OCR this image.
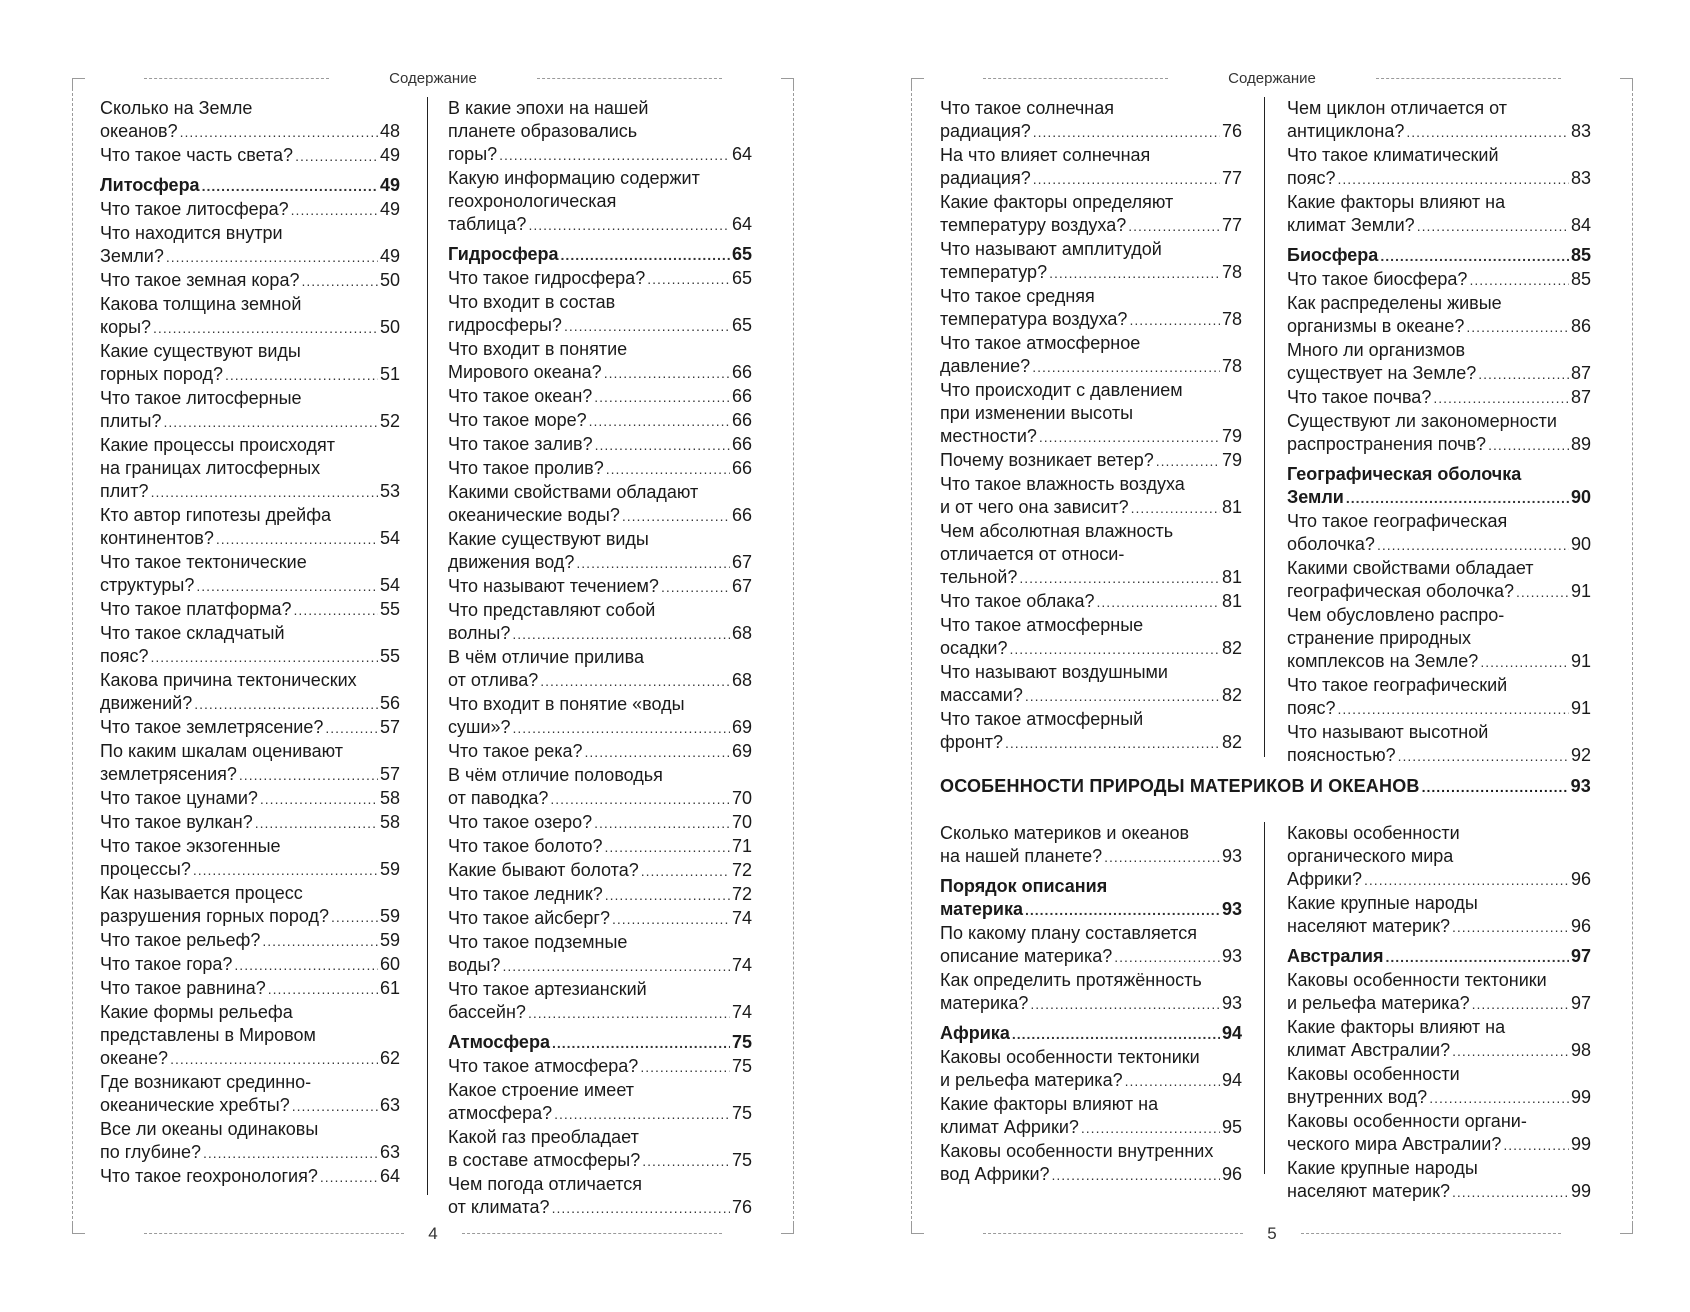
Содержание
4
Сколько на Земле
океанов? .....	48
Что такое часть света? .....	49
Литосфера .....	49
Что такое литосфера? .....	49
Что находится внутри
Земли? .....	49
Что такое земная кора? .....	50
Какова толщина земной
коры? .....	50
Какие существуют виды
горных пород? .....	51
Что такое литосферные
плиты? .....	52
Какие процессы происходят
на границах литосферных
плит? .....	53
Кто автор гипотезы дрейфа
континентов? .....	54
Что такое тектонические
структуры? .....	54
Что такое платформа? .....	55
Что такое складчатый
пояс? .....	55
Какова причина тектонических
движений? .....	56
Что такое землетрясение? .....	57
По каким шкалам оценивают
землетрясения? .....	57
Что такое цунами? .....	58
Что такое вулкан? .....	58
Что такое экзогенные
процессы? .....	59
Как называется процесс
разрушения горных пород? .....	59
Что такое рельеф? .....	59
Что такое гора? .....	60
Что такое равнина? .....	61
Какие формы рельефа
представлены в Мировом
океане? .....	62
Где возникают срединно-
океанические хребты? .....	63
Все ли океаны одинаковы
по глубине? .....	63
Что такое геохронология? .....	64
В какие эпохи на нашей
планете образовались
горы? .....	64
Какую информацию содержит
геохронологическая
таблица? .....	64
Гидросфера .....	65
Что такое гидросфера? .....	65
Что входит в состав
гидросферы? .....	65
Что входит в понятие
Мирового океана? .....	66
Что такое океан? .....	66
Что такое море? .....	66
Что такое залив? .....	66
Что такое пролив? .....	66
Какими свойствами обладают
океанические воды? .....	66
Какие существуют виды
движения вод? .....	67
Что называют течением? .....	67
Что представляют собой
волны? .....	68
В чём отличие прилива
от отлива? .....	68
Что входит в понятие «воды
суши»? .....	69
Что такое река? .....	69
В чём отличие половодья
от паводка? .....	70
Что такое озеро? .....	70
Что такое болото? .....	71
Какие бывают болота? .....	72
Что такое ледник? .....	72
Что такое айсберг? .....	74
Что такое подземные
воды? .....	74
Что такое артезианский
бассейн? .....	74
Атмосфера .....	75
Что такое атмосфера? .....	75
Какое строение имеет
атмосфера? .....	75
Какой газ преобладает
в составе атмосферы? .....	75
Чем погода отличается
от климата? .....	76
Содержание
5
Что такое солнечная
радиация? .....	76
На что влияет солнечная
радиация? .....	77
Какие факторы определяют
температуру воздуха? .....	77
Что называют амплитудой
температур? .....	78
Что такое средняя
температура воздуха? .....	78
Что такое атмосферное
давление? .....	78
Что происходит с давлением
при изменении высоты
местности? .....	79
Почему возникает ветер? .....	79
Что такое влажность воздуха
и от чего она зависит? .....	81
Чем абсолютная влажность
отличается от относи-
тельной? .....	81
Что такое облака? .....	81
Что такое атмосферные
осадки? .....	82
Что называют воздушными
массами? .....	82
Что такое атмосферный
фронт? .....	82
Чем циклон отличается от
антициклона? .....	83
Что такое климатический
пояс? .....	83
Какие факторы влияют на
климат Земли? .....	84
Биосфера .....	85
Что такое биосфера? .....	85
Как распределены живые
организмы в океане? .....	86
Много ли организмов
существует на Земле? .....	87
Что такое почва? .....	87
Существуют ли закономерности
распространения почв? .....	89
Географическая оболочка
Земли .....	90
Что такое географическая
оболочка? .....	90
Какими свойствами обладает
географическая оболочка? .....	91
Чем обусловлено распро-
странение природных
комплексов на Земле? .....	91
Что такое географический
пояс? .....	91
Что называют высотной
поясностью? .....	92
ОСОБЕННОСТИ ПРИРОДЫ МАТЕРИКОВ И ОКЕАНОВ .....	93
Сколько материков и океанов
на нашей планете? .....	93
Порядок описания
материка .....	93
По какому плану составляется
описание материка? .....	93
Как определить протяжённость
материка? .....	93
Африка .....	94
Каковы особенности тектоники
и рельефа материка? .....	94
Какие факторы влияют на
климат Африки? .....	95
Каковы особенности внутренних
вод Африки? .....	96
Каковы особенности
органического мира
Африки? .....	96
Какие крупные народы
населяют материк? .....	96
Австралия .....	97
Каковы особенности тектоники
и рельефа материка? .....	97
Какие факторы влияют на
климат Австралии? .....	98
Каковы особенности
внутренних вод? .....	99
Каковы особенности органи-
ческого мира Австралии? .....	99
Какие крупные народы
населяют материк? .....	99
